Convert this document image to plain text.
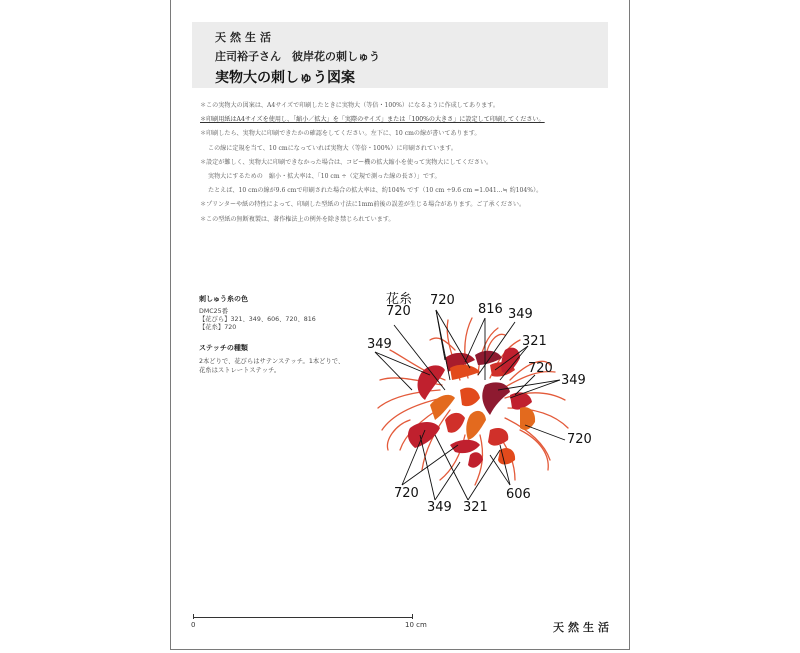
天然生活
庄司裕子さん　彼岸花の刺しゅう
実物大の刺しゅう図案
＊この実物大の図案は、A4サイズで印刷したときに実物大（等倍・100%）になるように作成してあります。
＊印刷用紙はA4サイズを使用し、「縮小／拡大」を「実際のサイズ」または「100%の大きさ」に設定して印刷してください。
＊印刷したら、実物大に印刷できたかの確認をしてください。左下に、10 cmの線が書いてあります。
この線に定規を当て、10 cmになっていれば実物大（等倍・100%）に印刷されています。
＊設定が難しく、実物大に印刷できなかった場合は、コピー機の拡大縮小を使って実物大にしてください。
実物大にするための　縮小・拡大率は、「10 cm ÷（定規で測った線の長さ）」です。
たとえば、10 cmの線が9.6 cmで印刷された場合の拡大率は、約104% です（10 cm ÷9.6 cm =1.041...≒ 約104%）。
＊プリンターや紙の特性によって、印刷した型紙の寸法に1mm前後の誤差が生じる場合があります。ご了承ください。
＊この型紙の無断複製は、著作権法上の例外を除き禁じられています。
刺しゅう糸の色
DMC25番
【花びら】321、349、606、720、816
【花糸】720
ステッチの種類
2本どりで、花びらはサテンステッチ。1本どりで、花糸はストレートステッチ。
花糸
720
720
816 349
349	321
720
349
720
720
349 321
606
0	10 cm	天然生活
